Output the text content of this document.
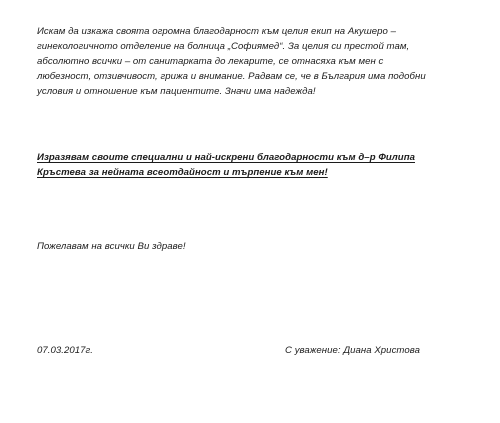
Искам да изкажа своята огромна благодарност към целия екип на Акушеро –
гинекологичното отделение на болница „Софиямед“. За целия си престой там,
абсолютно всички – от санитарката до лекарите, се отнасяха към мен с
любезност, отзивчивост, грижа и внимание. Радвам се, че в България има подобни
условия и отношение към пациентите. Значи има надежда!
Изразявам своите специални и най-искрени благодарности към д–р Филипа
Кръстева за нейната всеотдайност и търпение към мен!
Пожелавам на всички Ви здраве!
07.03.2017г.	С уважение: Диана Христова
